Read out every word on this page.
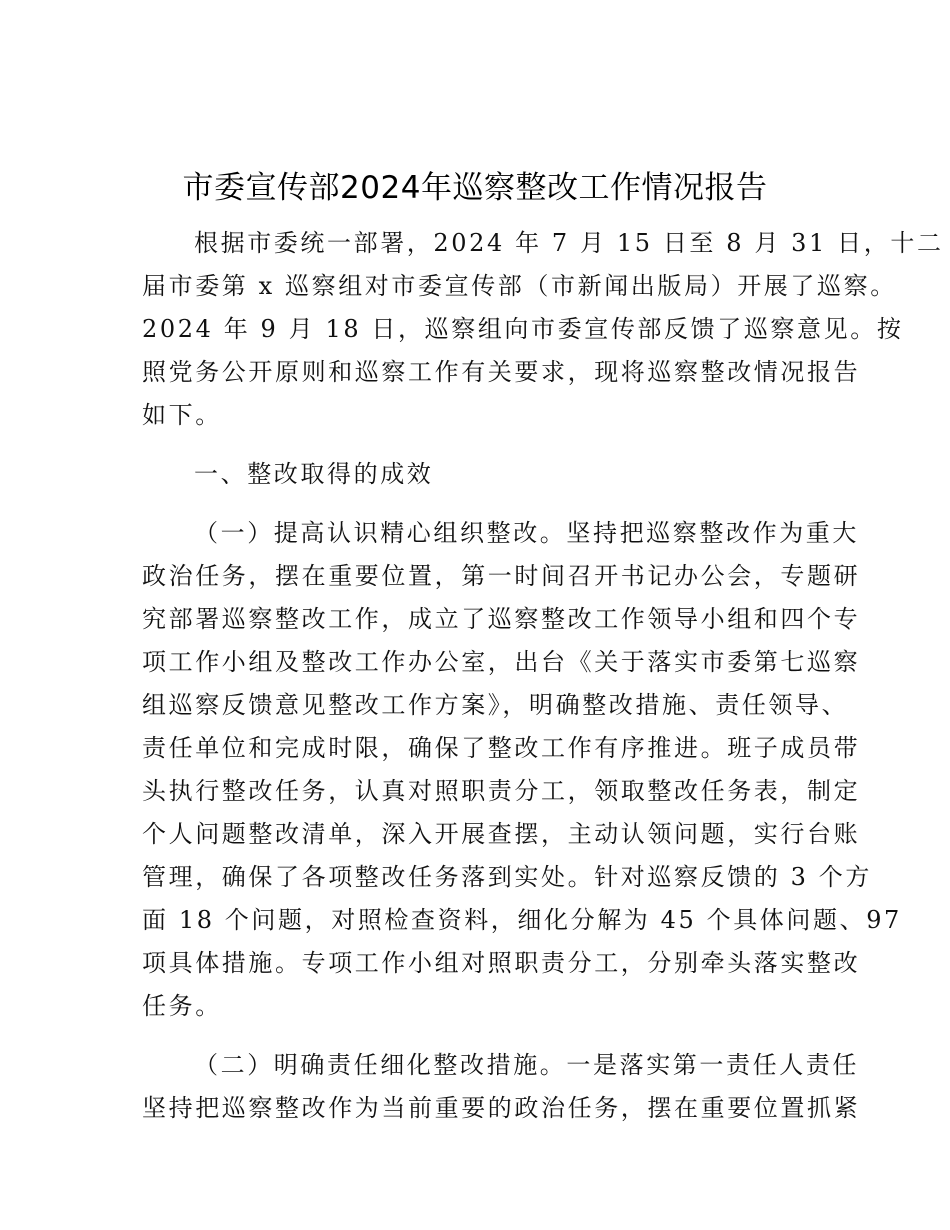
市委宣传部2024年巡察整改工作情况报告

根据市委统一部署，2024 年 7 月 15 日至 8 月 31 日，十二
届市委第 x 巡察组对市委宣传部（市新闻出版局）开展了巡察。
2024 年 9 月 18 日，巡察组向市委宣传部反馈了巡察意见。按
照党务公开原则和巡察工作有关要求，现将巡察整改情况报告
如下。

一、整改取得的成效

（一）提高认识精心组织整改。坚持把巡察整改作为重大
政治任务，摆在重要位置，第一时间召开书记办公会，专题研
究部署巡察整改工作，成立了巡察整改工作领导小组和四个专
项工作小组及整改工作办公室，出台《关于落实市委第七巡察
组巡察反馈意见整改工作方案》，明确整改措施、责任领导、
责任单位和完成时限，确保了整改工作有序推进。班子成员带
头执行整改任务，认真对照职责分工，领取整改任务表，制定
个人问题整改清单，深入开展查摆，主动认领问题，实行台账
管理，确保了各项整改任务落到实处。针对巡察反馈的 3 个方
面 18 个问题，对照检查资料，细化分解为 45 个具体问题、97
项具体措施。专项工作小组对照职责分工，分别牵头落实整改
任务。

（二）明确责任细化整改措施。一是落实第一责任人责任
坚持把巡察整改作为当前重要的政治任务，摆在重要位置抓紧
